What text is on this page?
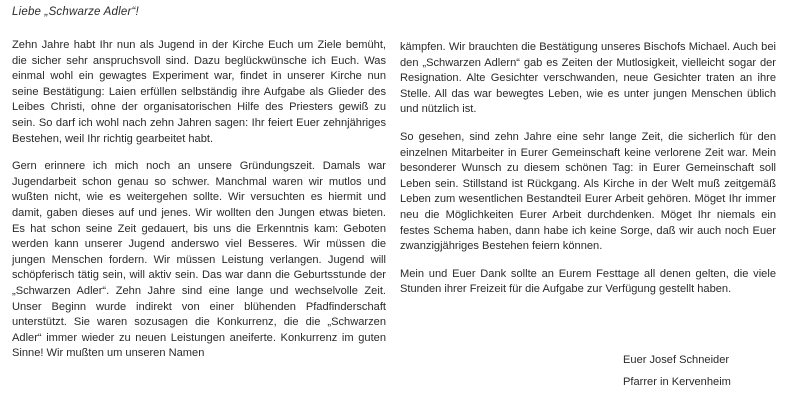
Liebe „Schwarze Adler“!

Zehn Jahre habt Ihr nun als Jugend in der Kirche Euch um Ziele bemüht, die sicher sehr anspruchsvoll sind. Dazu beglückwünsche ich Euch. Was einmal wohl ein gewagtes Experiment war, findet in unserer Kirche nun seine Bestätigung: Laien erfüllen selbständig ihre Aufgabe als Glieder des Leibes Christi, ohne der organisatorischen Hilfe des Priesters gewiß zu sein. So darf ich wohl nach zehn Jahren sagen: Ihr feiert Euer zehnjähriges Bestehen, weil Ihr richtig gearbeitet habt.

Gern erinnere ich mich noch an unsere Gründungszeit. Damals war Jugendarbeit schon genau so schwer. Manchmal waren wir mutlos und wußten nicht, wie es weitergehen sollte. Wir versuchten es hiermit und damit, gaben dieses auf und jenes. Wir wollten den Jungen etwas bieten. Es hat schon seine Zeit gedauert, bis uns die Erkenntnis kam: Geboten werden kann unserer Jugend anderswo viel Besseres. Wir müssen die jungen Menschen fordern. Wir müssen Leistung verlangen. Jugend will schöpferisch tätig sein, will aktiv sein. Das war dann die Geburtsstunde der „Schwarzen Adler“. Zehn Jahre sind eine lange und wechselvolle Zeit. Unser Beginn wurde indirekt von einer blühenden Pfadfinderschaft unterstützt. Sie waren sozusagen die Konkurrenz, die die „Schwarzen Adler“ immer wieder zu neuen Leistungen aneiferte. Konkurrenz im guten Sinne! Wir mußten um unseren Namen

kämpfen. Wir brauchten die Bestätigung unseres Bischofs Michael. Auch bei den „Schwarzen Adlern“ gab es Zeiten der Mutlosigkeit, vielleicht sogar der Resignation. Alte Gesichter verschwanden, neue Gesichter traten an ihre Stelle. All das war bewegtes Leben, wie es unter jungen Menschen üblich und nützlich ist.

So gesehen, sind zehn Jahre eine sehr lange Zeit, die sicherlich für den einzelnen Mitarbeiter in Eurer Gemeinschaft keine verlorene Zeit war. Mein besonderer Wunsch zu diesem schönen Tag: in Eurer Gemeinschaft soll Leben sein. Stillstand ist Rückgang. Als Kirche in der Welt muß zeitgemäß Leben zum wesentlichen Bestandteil Eurer Arbeit gehören. Möget Ihr immer neu die Möglichkeiten Eurer Arbeit durchdenken. Möget Ihr niemals ein festes Schema haben, dann habe ich keine Sorge, daß wir auch noch Euer zwanzigjähriges Bestehen feiern können.

Mein und Euer Dank sollte an Eurem Festtage all denen gelten, die viele Stunden ihrer Freizeit für die Aufgabe zur Verfügung gestellt haben.

Euer Josef Schneider
Pfarrer in Kervenheim
